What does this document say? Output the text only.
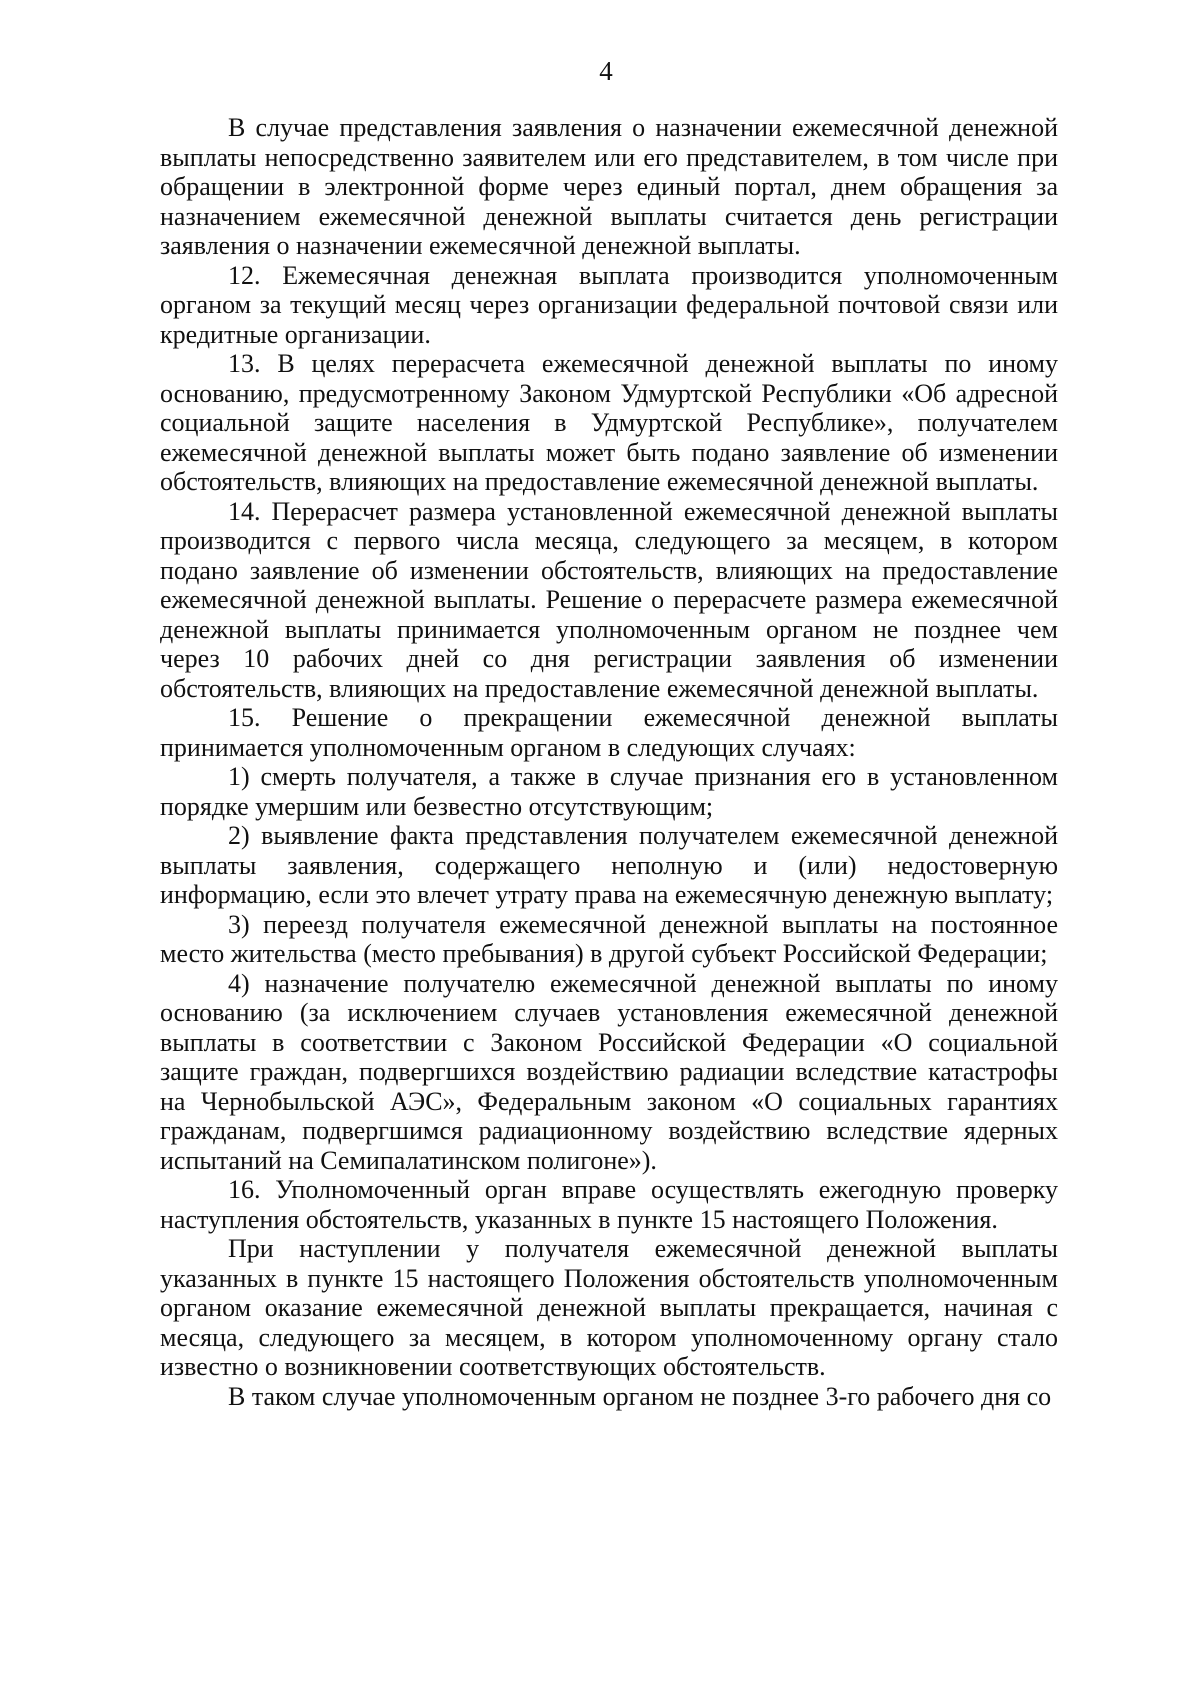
4

В случае представления заявления о назначении ежемесячной денежной выплаты непосредственно заявителем или его представителем, в том числе при обращении в электронной форме через единый портал, днем обращения за назначением ежемесячной денежной выплаты считается день регистрации заявления о назначении ежемесячной денежной выплаты.

12. Ежемесячная денежная выплата производится уполномоченным органом за текущий месяц через организации федеральной почтовой связи или кредитные организации.

13. В целях перерасчета ежемесячной денежной выплаты по иному основанию, предусмотренному Законом Удмуртской Республики «Об адресной социальной защите населения в Удмуртской Республике», получателем ежемесячной денежной выплаты может быть подано заявление об изменении обстоятельств, влияющих на предоставление ежемесячной денежной выплаты.

14. Перерасчет размера установленной ежемесячной денежной выплаты производится с первого числа месяца, следующего за месяцем, в котором подано заявление об изменении обстоятельств, влияющих на предоставление ежемесячной денежной выплаты. Решение о перерасчете размера ежемесячной денежной выплаты принимается уполномоченным органом не позднее чем через 10 рабочих дней со дня регистрации заявления об изменении обстоятельств, влияющих на предоставление ежемесячной денежной выплаты.

15. Решение о прекращении ежемесячной денежной выплаты принимается уполномоченным органом в следующих случаях:

1) смерть получателя, а также в случае признания его в установленном порядке умершим или безвестно отсутствующим;

2) выявление факта представления получателем ежемесячной денежной выплаты заявления, содержащего неполную и (или) недостоверную информацию, если это влечет утрату права на ежемесячную денежную выплату;

3) переезд получателя ежемесячной денежной выплаты на постоянное место жительства (место пребывания) в другой субъект Российской Федерации;

4) назначение получателю ежемесячной денежной выплаты по иному основанию (за исключением случаев установления ежемесячной денежной выплаты в соответствии с Законом Российской Федерации «О социальной защите граждан, подвергшихся воздействию радиации вследствие катастрофы на Чернобыльской АЭС», Федеральным законом «О социальных гарантиях гражданам, подвергшимся радиационному воздействию вследствие ядерных испытаний на Семипалатинском полигоне»).

16. Уполномоченный орган вправе осуществлять ежегодную проверку наступления обстоятельств, указанных в пункте 15 настоящего Положения.

При наступлении у получателя ежемесячной денежной выплаты указанных в пункте 15 настоящего Положения обстоятельств уполномоченным органом оказание ежемесячной денежной выплаты прекращается, начиная с месяца, следующего за месяцем, в котором уполномоченному органу стало известно о возникновении соответствующих обстоятельств.

В таком случае уполномоченным органом не позднее 3-го рабочего дня со
